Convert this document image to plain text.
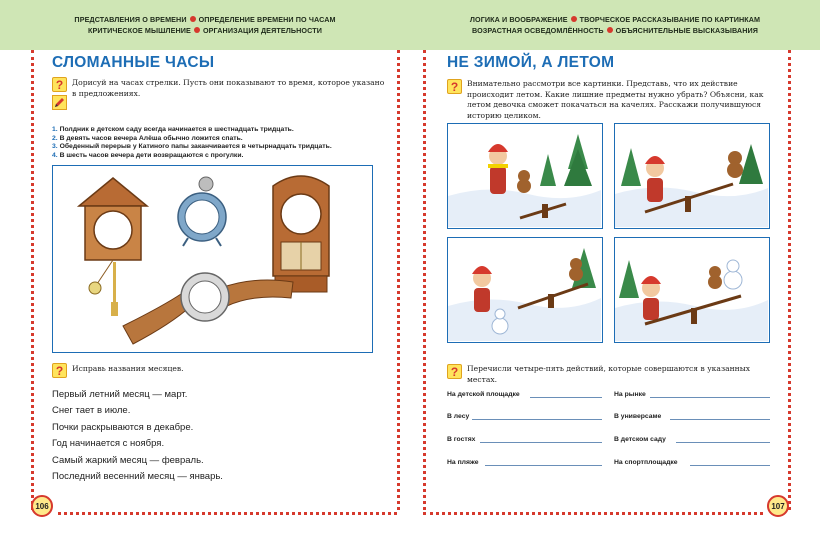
ПРЕДСТАВЛЕНИЯ О ВРЕМЕНИ ОПРЕДЕЛЕНИЕ ВРЕМЕНИ ПО ЧАСАМ
КРИТИЧЕСКОЕ МЫШЛЕНИЕ ОРГАНИЗАЦИЯ ДЕЯТЕЛЬНОСТИ
СЛОМАННЫЕ ЧАСЫ
?	Дорисуй на часах стрелки. Пусть они показывают то время, которое указано в предложениях.
1. Полдник в детском саду всегда начинается в шестнадцать тридцать.
2. В девять часов вечера Алёша обычно ложится спать.
3. Обеденный перерыв у Катиного папы заканчивается в четырнадцать тридцать.
4. В шесть часов вечера дети возвращаются с прогулки.
?	Исправь названия месяцев.
Первый летний месяц — март.
Снег тает в июле.
Почки раскрываются в декабре.
Год начинается с ноября.
Самый жаркий месяц — февраль.
Последний весенний месяц — январь.
106
ЛОГИКА И ВООБРАЖЕНИЕ ТВОРЧЕСКОЕ РАССКАЗЫВАНИЕ ПО КАРТИНКАМ
ВОЗРАСТНАЯ ОСВЕДОМЛЁННОСТЬ ОБЪЯСНИТЕЛЬНЫЕ ВЫСКАЗЫВАНИЯ
НЕ ЗИМОЙ, А ЛЕТОМ
?	Внимательно рассмотри все картинки. Представь, что их действие происходит летом. Какие лишние предметы нужно убрать? Объясни, как летом девочка сможет покачаться на качелях. Расскажи получившуюся историю целиком.
?	Перечисли четыре-пять действий, которые совершаются в указанных местах.
На детской площадке
В лесу
В гостях
На пляже
На рынке
В универсаме
В детском саду
На спортплощадке
107
